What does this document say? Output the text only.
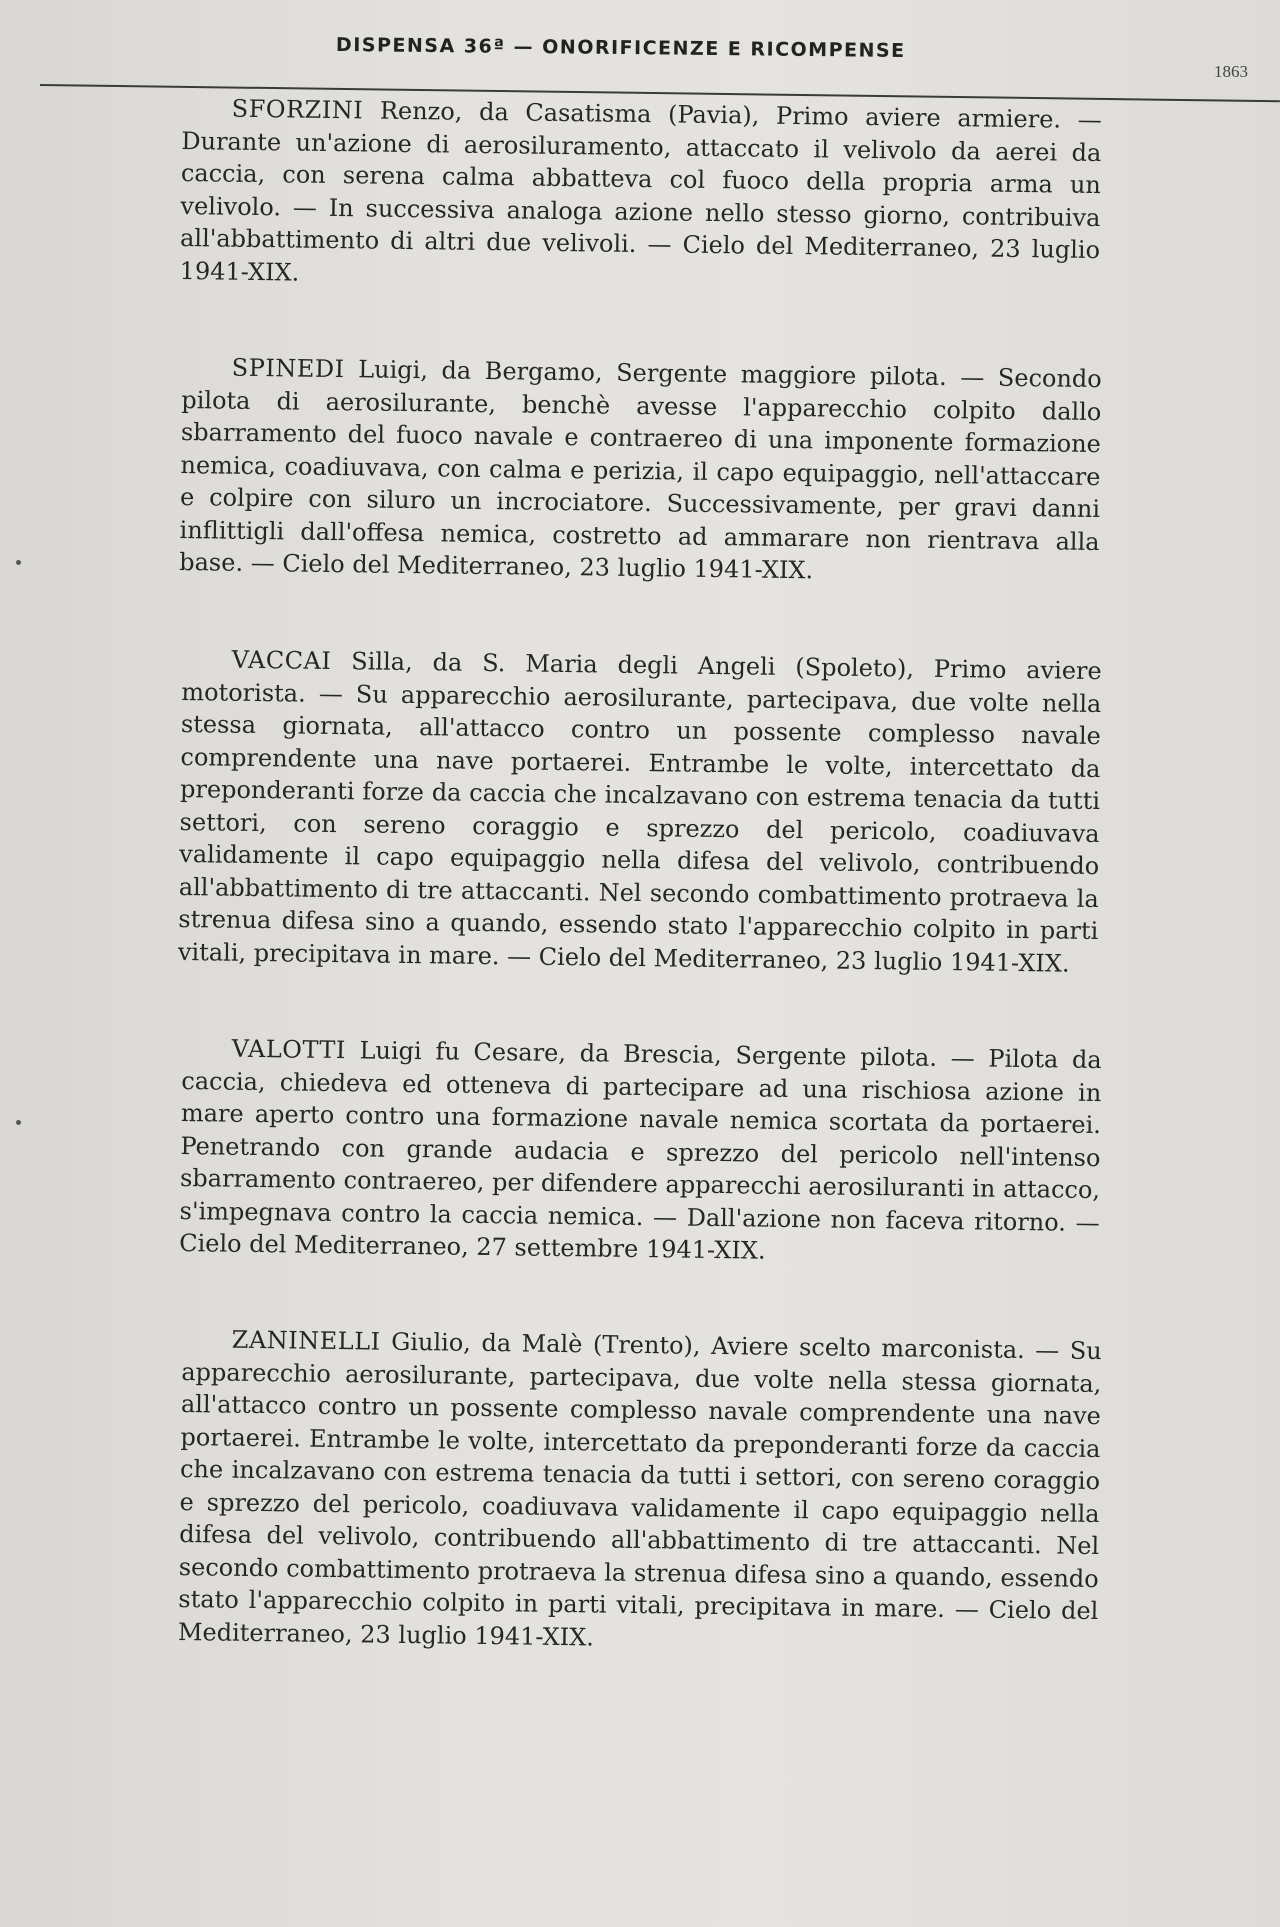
DISPENSA 36ª — ONORIFICENZE E RICOMPENSE
1863

SFORZINI Renzo, da Casatisma (Pavia), Primo aviere armiere. — Durante un'azione di aerosiluramento, attaccato il velivolo da aerei da caccia, con serena calma abbatteva col fuoco della propria arma un velivolo. — In successiva analoga azione nello stesso giorno, contribuiva all'abbattimento di altri due velivoli. — Cielo del Mediterraneo, 23 luglio 1941-XIX.

SPINEDI Luigi, da Bergamo, Sergente maggiore pilota. — Secondo pilota di aerosilurante, benchè avesse l'apparecchio colpito dallo sbarramento del fuoco navale e contraereo di una imponente formazione nemica, coadiuvava, con calma e perizia, il capo equipaggio, nell'attaccare e colpire con siluro un incrociatore. Successivamente, per gravi danni inflittigli dall'offesa nemica, costretto ad ammarare non rientrava alla base. — Cielo del Mediterraneo, 23 luglio 1941-XIX.

VACCAI Silla, da S. Maria degli Angeli (Spoleto), Primo aviere motorista. — Su apparecchio aerosilurante, partecipava, due volte nella stessa giornata, all'attacco contro un possente complesso navale comprendente una nave portaerei. Entrambe le volte, intercettato da preponderanti forze da caccia che incalzavano con estrema tenacia da tutti settori, con sereno coraggio e sprezzo del pericolo, coadiuvava validamente il capo equipaggio nella difesa del velivolo, contribuendo all'abbattimento di tre attaccanti. Nel secondo combattimento protraeva la strenua difesa sino a quando, essendo stato l'apparecchio colpito in parti vitali, precipitava in mare. — Cielo del Mediterraneo, 23 luglio 1941-XIX.

VALOTTI Luigi fu Cesare, da Brescia, Sergente pilota. — Pilota da caccia, chiedeva ed otteneva di partecipare ad una rischiosa azione in mare aperto contro una formazione navale nemica scortata da portaerei. Penetrando con grande audacia e sprezzo del pericolo nell'intenso sbarramento contraereo, per difendere apparecchi aerosiluranti in attacco, s'impegnava contro la caccia nemica. — Dall'azione non faceva ritorno. — Cielo del Mediterraneo, 27 settembre 1941-XIX.

ZANINELLI Giulio, da Malè (Trento), Aviere scelto marconista. — Su apparecchio aerosilurante, partecipava, due volte nella stessa giornata, all'attacco contro un possente complesso navale comprendente una nave portaerei. Entrambe le volte, intercettato da preponderanti forze da caccia che incalzavano con estrema tenacia da tutti i settori, con sereno coraggio e sprezzo del pericolo, coadiuvava validamente il capo equipaggio nella difesa del velivolo, contribuendo all'abbattimento di tre attaccanti. Nel secondo combattimento protraeva la strenua difesa sino a quando, essendo stato l'apparecchio colpito in parti vitali, precipitava in mare. — Cielo del Mediterraneo, 23 luglio 1941-XIX.
